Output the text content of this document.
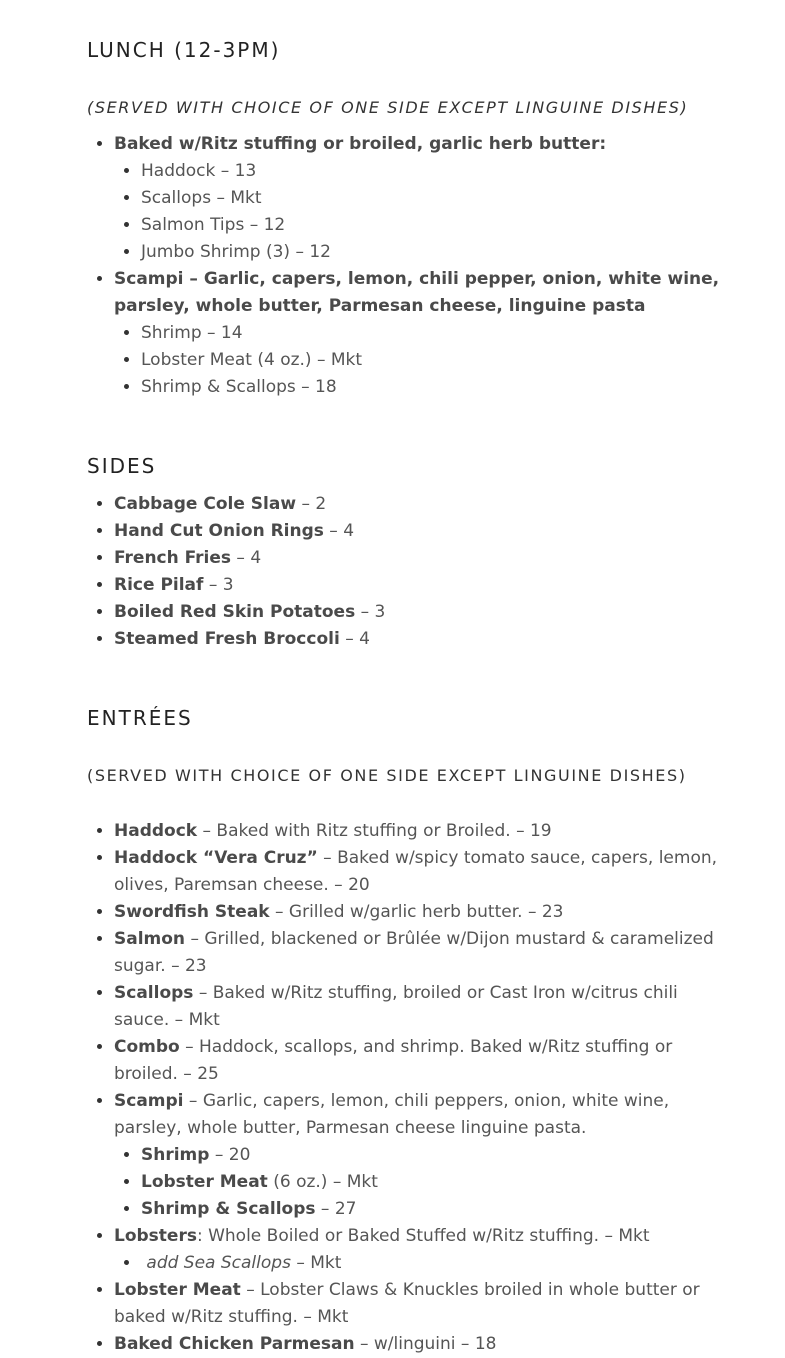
LUNCH (12-3PM)
(SERVED WITH CHOICE OF ONE SIDE EXCEPT LINGUINE DISHES)
• Baked w/Ritz stuffing or broiled, garlic herb butter:
• Haddock – 13
• Scallops – Mkt
• Salmon Tips – 12
• Jumbo Shrimp (3) – 12
• Scampi – Garlic, capers, lemon, chili pepper, onion, white wine, parsley, whole butter, Parmesan cheese, linguine pasta
• Shrimp – 14
• Lobster Meat (4 oz.) – Mkt
• Shrimp & Scallops – 18
SIDES
• Cabbage Cole Slaw – 2
• Hand Cut Onion Rings – 4
• French Fries – 4
• Rice Pilaf – 3
• Boiled Red Skin Potatoes – 3
• Steamed Fresh Broccoli – 4
ENTRÉES
(SERVED WITH CHOICE OF ONE SIDE EXCEPT LINGUINE DISHES)
• Haddock – Baked with Ritz stuffing or Broiled. – 19
• Haddock “Vera Cruz” – Baked w/spicy tomato sauce, capers, lemon, olives, Paremsan cheese. – 20
• Swordfish Steak – Grilled w/garlic herb butter. – 23
• Salmon – Grilled, blackened or Brûlée w/Dijon mustard & caramelized sugar. – 23
• Scallops – Baked w/Ritz stuffing, broiled or Cast Iron w/citrus chili sauce. – Mkt
• Combo – Haddock, scallops, and shrimp. Baked w/Ritz stuffing or broiled. – 25
• Scampi – Garlic, capers, lemon, chili peppers, onion, white wine, parsley, whole butter, Parmesan cheese linguine pasta.
• Shrimp – 20
• Lobster Meat (6 oz.) – Mkt
• Shrimp & Scallops – 27
• Lobsters: Whole Boiled or Baked Stuffed w/Ritz stuffing. – Mkt
• add Sea Scallops – Mkt
• Lobster Meat – Lobster Claws & Knuckles broiled in whole butter or baked w/Ritz stuffing. – Mkt
• Baked Chicken Parmesan – w/linguini – 18
